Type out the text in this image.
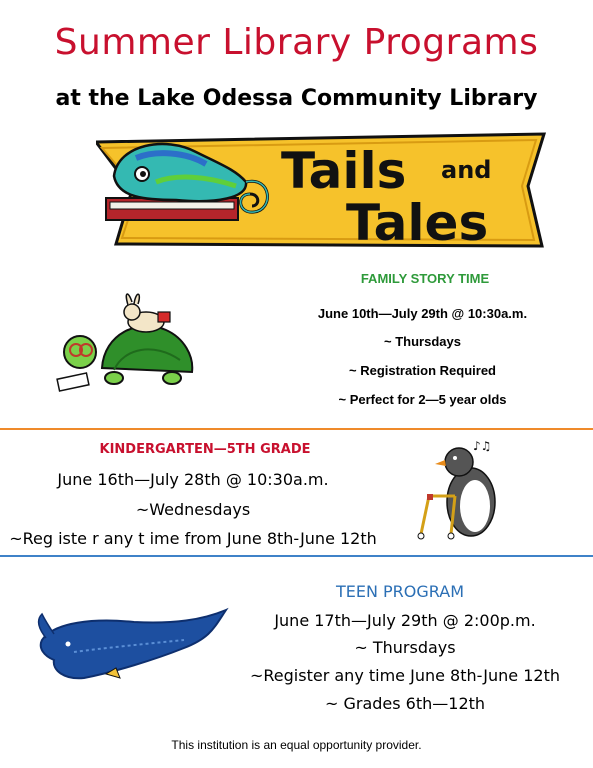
Summer Library Programs
at the Lake Odessa Community Library
Tails and
Tales
FAMILY STORY TIME
June 10th—July 29th @ 10:30a.m.
~ Thursdays
~ Registration Required
~ Perfect for 2—5 year olds
KINDERGARTEN—5TH GRADE
June 16th—July 28th @ 10:30a.m.
~Wednesdays
~Reg iste r any t ime from June 8th-June 12th
♪♫
TEEN PROGRAM
June 17th—July 29th @ 2:00p.m.
~ Thursdays
~Register any time June 8th-June 12th
~ Grades 6th—12th
This institution is an equal opportunity provider.
